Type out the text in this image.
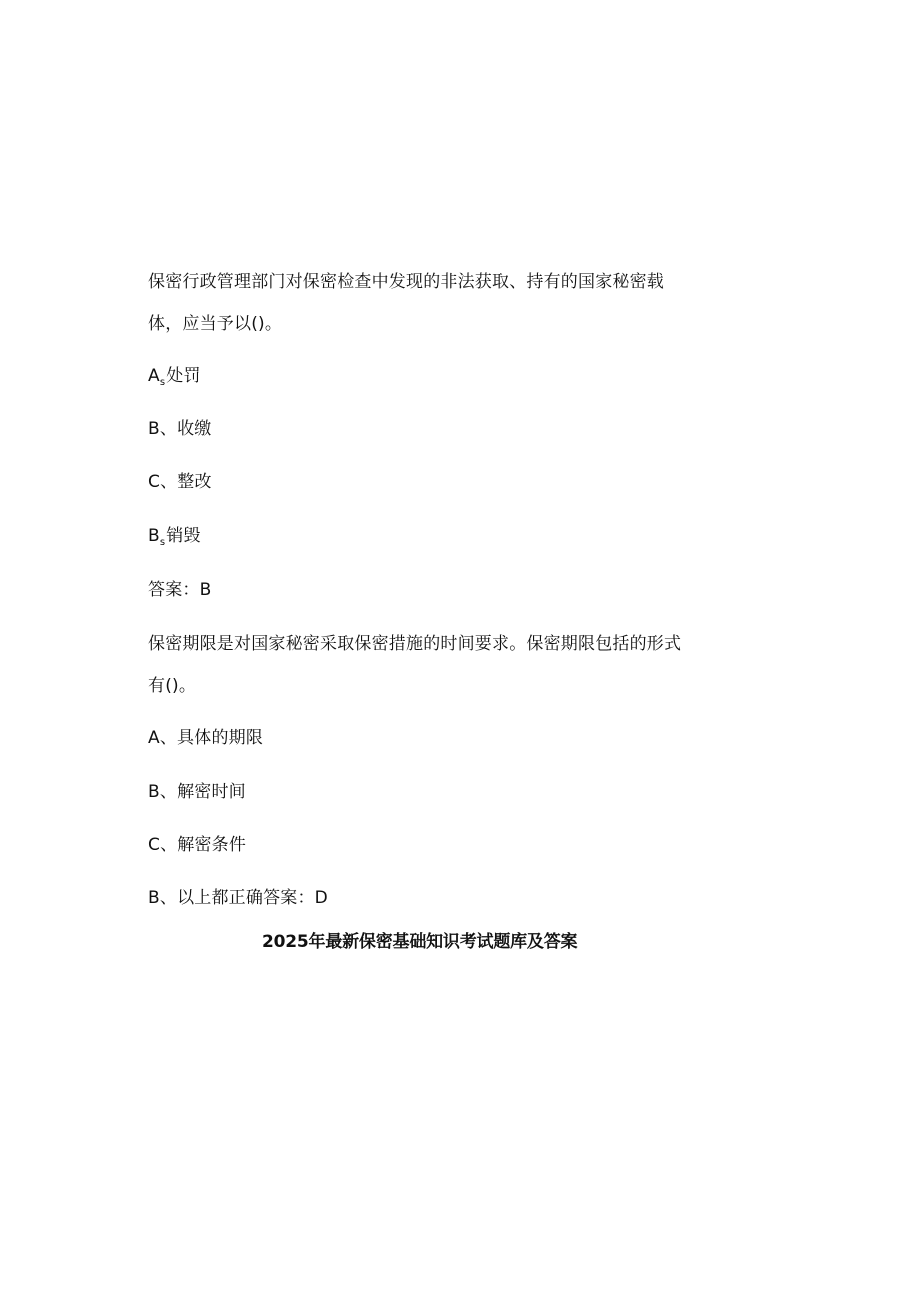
保密行政管理部门对保密检查中发现的非法获取、持有的国家秘密载
体，应当予以()。
$A_s$处罚
B、收缴
C、整改
$B_s$销毁
答案：B
保密期限是对国家秘密采取保密措施的时间要求。保密期限包括的形式
有()。
A、具体的期限
B、解密时间
C、解密条件
B、以上都正确答案：D
2025年最新保密基础知识考试题库及答案
